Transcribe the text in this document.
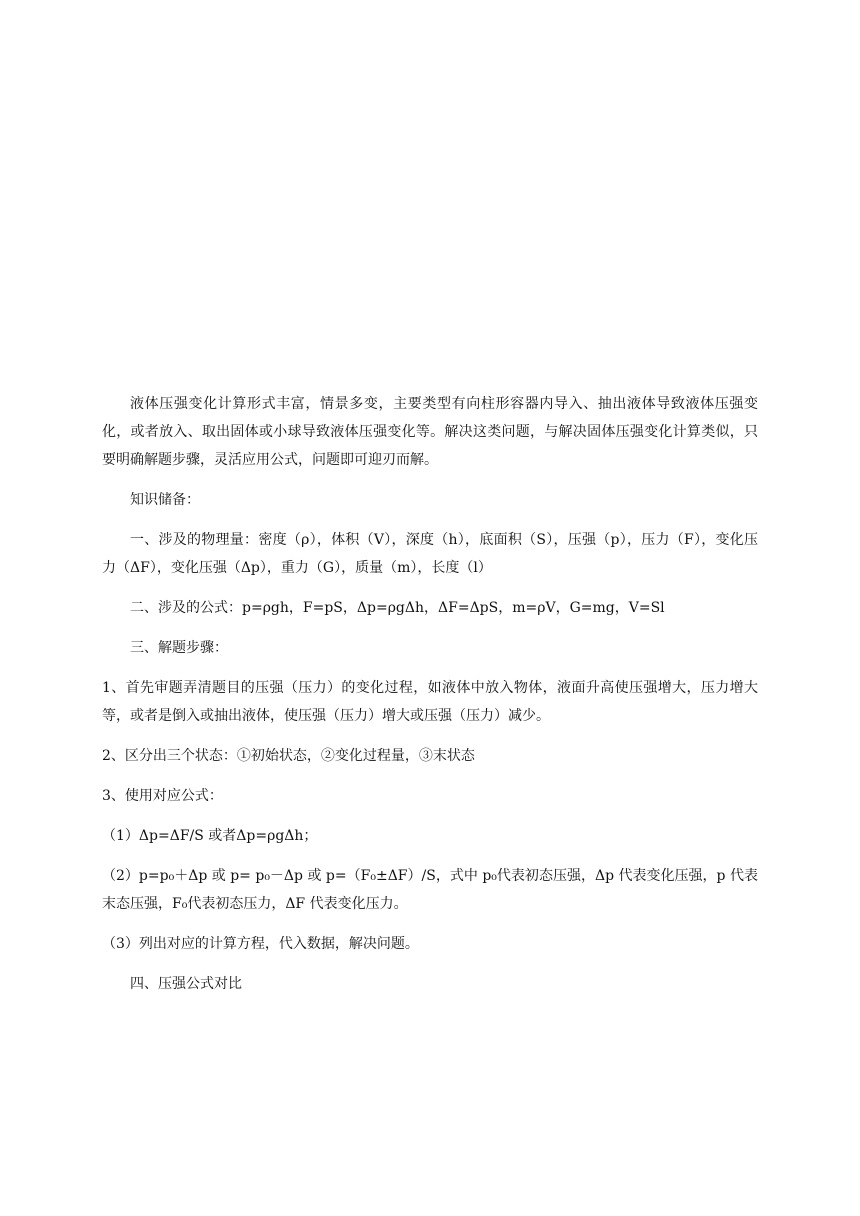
液体压强变化计算形式丰富，情景多变，主要类型有向柱形容器内导入、抽出液体导致液体压强变化，或者放入、取出固体或小球导致液体压强变化等。解决这类问题，与解决固体压强变化计算类似，只要明确解题步骤，灵活应用公式，问题即可迎刃而解。

知识储备：

一、涉及的物理量：密度（ρ），体积（V），深度（h），底面积（S），压强（p），压力（F），变化压力（ΔF），变化压强（Δp），重力（G），质量（m），长度（l）

二、涉及的公式：p=ρgh，F=pS，Δp=ρgΔh，ΔF=ΔpS，m=ρV，G=mg，V=Sl

三、解题步骤：

1、首先审题弄清题目的压强（压力）的变化过程，如液体中放入物体，液面升高使压强增大，压力增大等，或者是倒入或抽出液体，使压强（压力）增大或压强（压力）减少。

2、区分出三个状态：①初始状态，②变化过程量，③末状态

3、使用对应公式：

（1）Δp=ΔF/S 或者Δp=ρgΔh；

（2）p=p₀＋Δp 或 p= p₀－Δp 或 p=（F₀±ΔF）/S，式中 p₀代表初态压强，Δp 代表变化压强，p 代表末态压强，F₀代表初态压力，ΔF 代表变化压力。

（3）列出对应的计算方程，代入数据，解决问题。

四、压强公式对比
